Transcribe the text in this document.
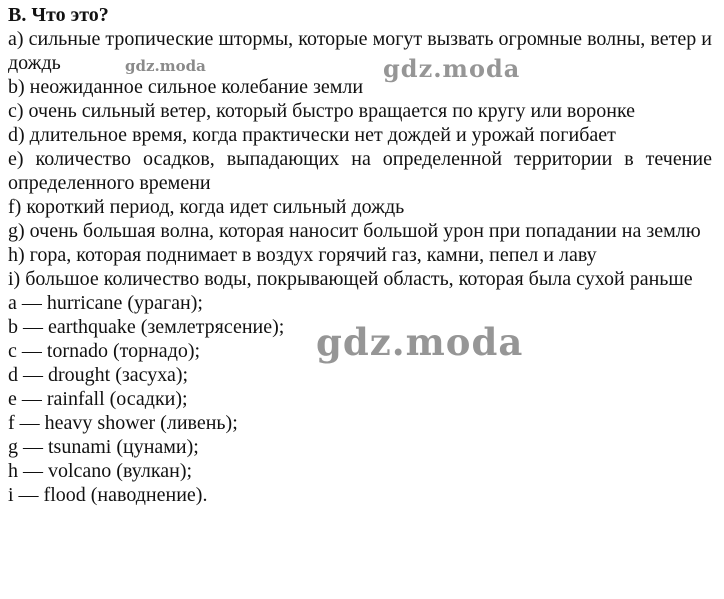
B. Что это?
a) сильные тропические штормы, которые могут вызвать огромные волны, ветер и дождь
b) неожиданное сильное колебание земли
c) очень сильный ветер, который быстро вращается по кругу или воронке
d) длительное время, когда практически нет дождей и урожай погибает
e) количество осадков, выпадающих на определенной территории в течение определенного времени
f) короткий период, когда идет сильный дождь
g) очень большая волна, которая наносит большой урон при попадании на землю
h) гора, которая поднимает в воздух горячий газ, камни, пепел и лаву
i) большое количество воды, покрывающей область, которая была сухой раньше
a — hurricane (ураган);
b — earthquake (землетрясение);
c — tornado (торнадо);
d — drought (засуха);
e — rainfall (осадки);
f — heavy shower (ливень);
g — tsunami (цунами);
h — volcano (вулкан);
i — flood (наводнение).
gdz.moda	gdz.moda
gdz.moda
